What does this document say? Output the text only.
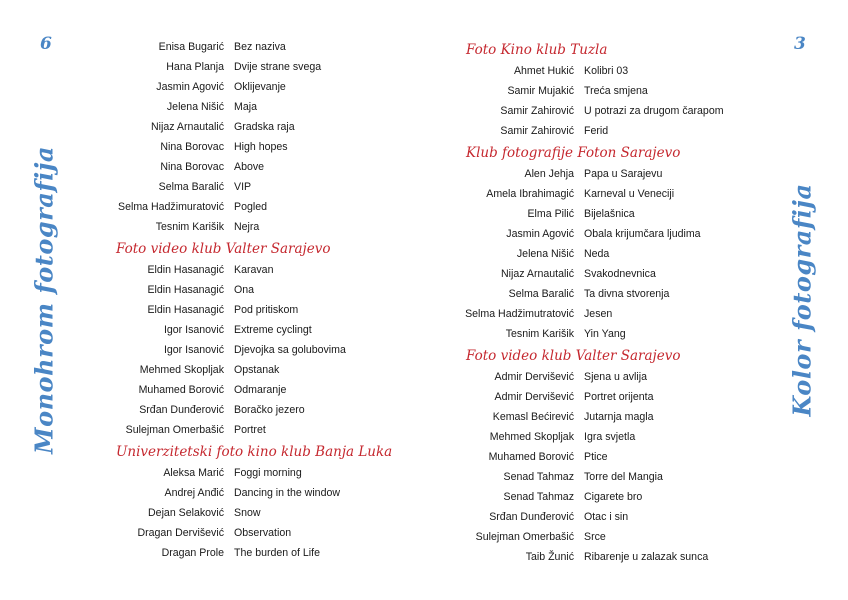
6	3
Monohrom fotografija	Kolor fotografija
Enisa Bugarić Bez naziva
Hana Planja Dvije strane svega
Jasmin Agović Oklijevanje
Jelena Nišić Maja
Nijaz Arnautalić Gradska raja
Nina Borovac High hopes
Nina Borovac Above
Selma Baralić VIP
Selma Hadžimuratović Pogled
Tesnim Karišik Nejra
Foto video klub Valter Sarajevo
Eldin Hasanagić Karavan
Eldin Hasanagić Ona
Eldin Hasanagić Pod pritiskom
Igor Isanović Extreme cyclingt
Igor Isanović Djevojka sa golubovima
Mehmed Skopljak Opstanak
Muhamed Borović Odmaranje
Srđan Dunđerović Boračko jezero
Sulejman Omerbašić Portret
Univerzitetski foto kino klub Banja Luka
Aleksa Marić Foggi morning
Andrej Anđić Dancing in the window
Dejan Selaković Snow
Dragan Dervišević Observation
Dragan Prole The burden of Life
Foto Kino klub Tuzla
Ahmet Hukić Kolibri 03
Samir Mujakić Treća smjena
Samir Zahirović U potrazi za drugom čarapom
Samir Zahirović Ferid
Klub fotografije Foton Sarajevo
Alen Jehja Papa u Sarajevu
Amela Ibrahimagić Karneval u Veneciji
Elma Pilić Bijelašnica
Jasmin Agović Obala krijumčara ljudima
Jelena Nišić Neda
Nijaz Arnautalić Svakodnevnica
Selma Baralić Ta divna stvorenja
Selma Hadžimutratović Jesen
Tesnim Karišik Yin Yang
Foto video klub Valter Sarajevo
Admir Dervišević Sjena u avlija
Admir Dervišević Portret orijenta
Kemasl Bećirević Jutarnja magla
Mehmed Skopljak Igra svjetla
Muhamed Borović Ptice
Senad Tahmaz Torre del Mangia
Senad Tahmaz Cigarete bro
Srđan Dunđerović Otac i sin
Sulejman Omerbašić Srce
Taib Žunić Ribarenje u zalazak sunca
